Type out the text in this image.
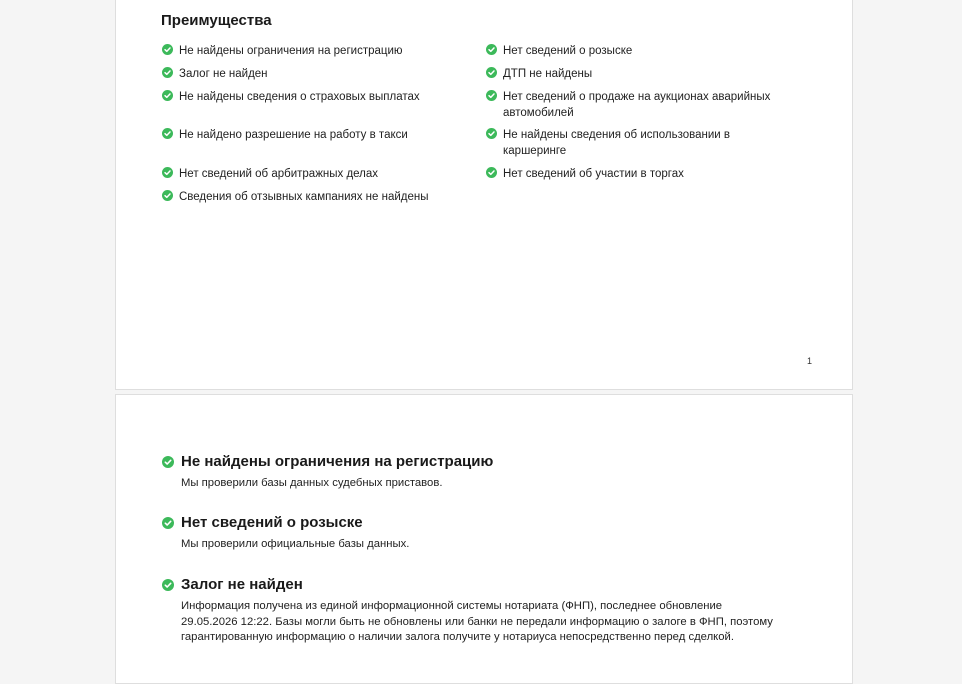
Преимущества
Не найдены ограничения на регистрацию
Залог не найден
Не найдены сведения о страховых выплатах
Не найдено разрешение на работу в такси
Нет сведений об арбитражных делах
Сведения об отзывных кампаниях не найдены
Нет сведений о розыске
ДТП не найдены
Нет сведений о продаже на аукционах аварийных автомобилей
Не найдены сведения об использовании в каршеринге
Нет сведений об участии в торгах
1
Не найдены ограничения на регистрацию
Мы проверили базы данных судебных приставов.
Нет сведений о розыске
Мы проверили официальные базы данных.
Залог не найден
Информация получена из единой информационной системы нотариата (ФНП), последнее обновление 29.05.2026 12:22. Базы могли быть не обновлены или банки не передали информацию о залоге в ФНП, поэтому гарантированную информацию о наличии залога получите у нотариуса непосредственно перед сделкой.
